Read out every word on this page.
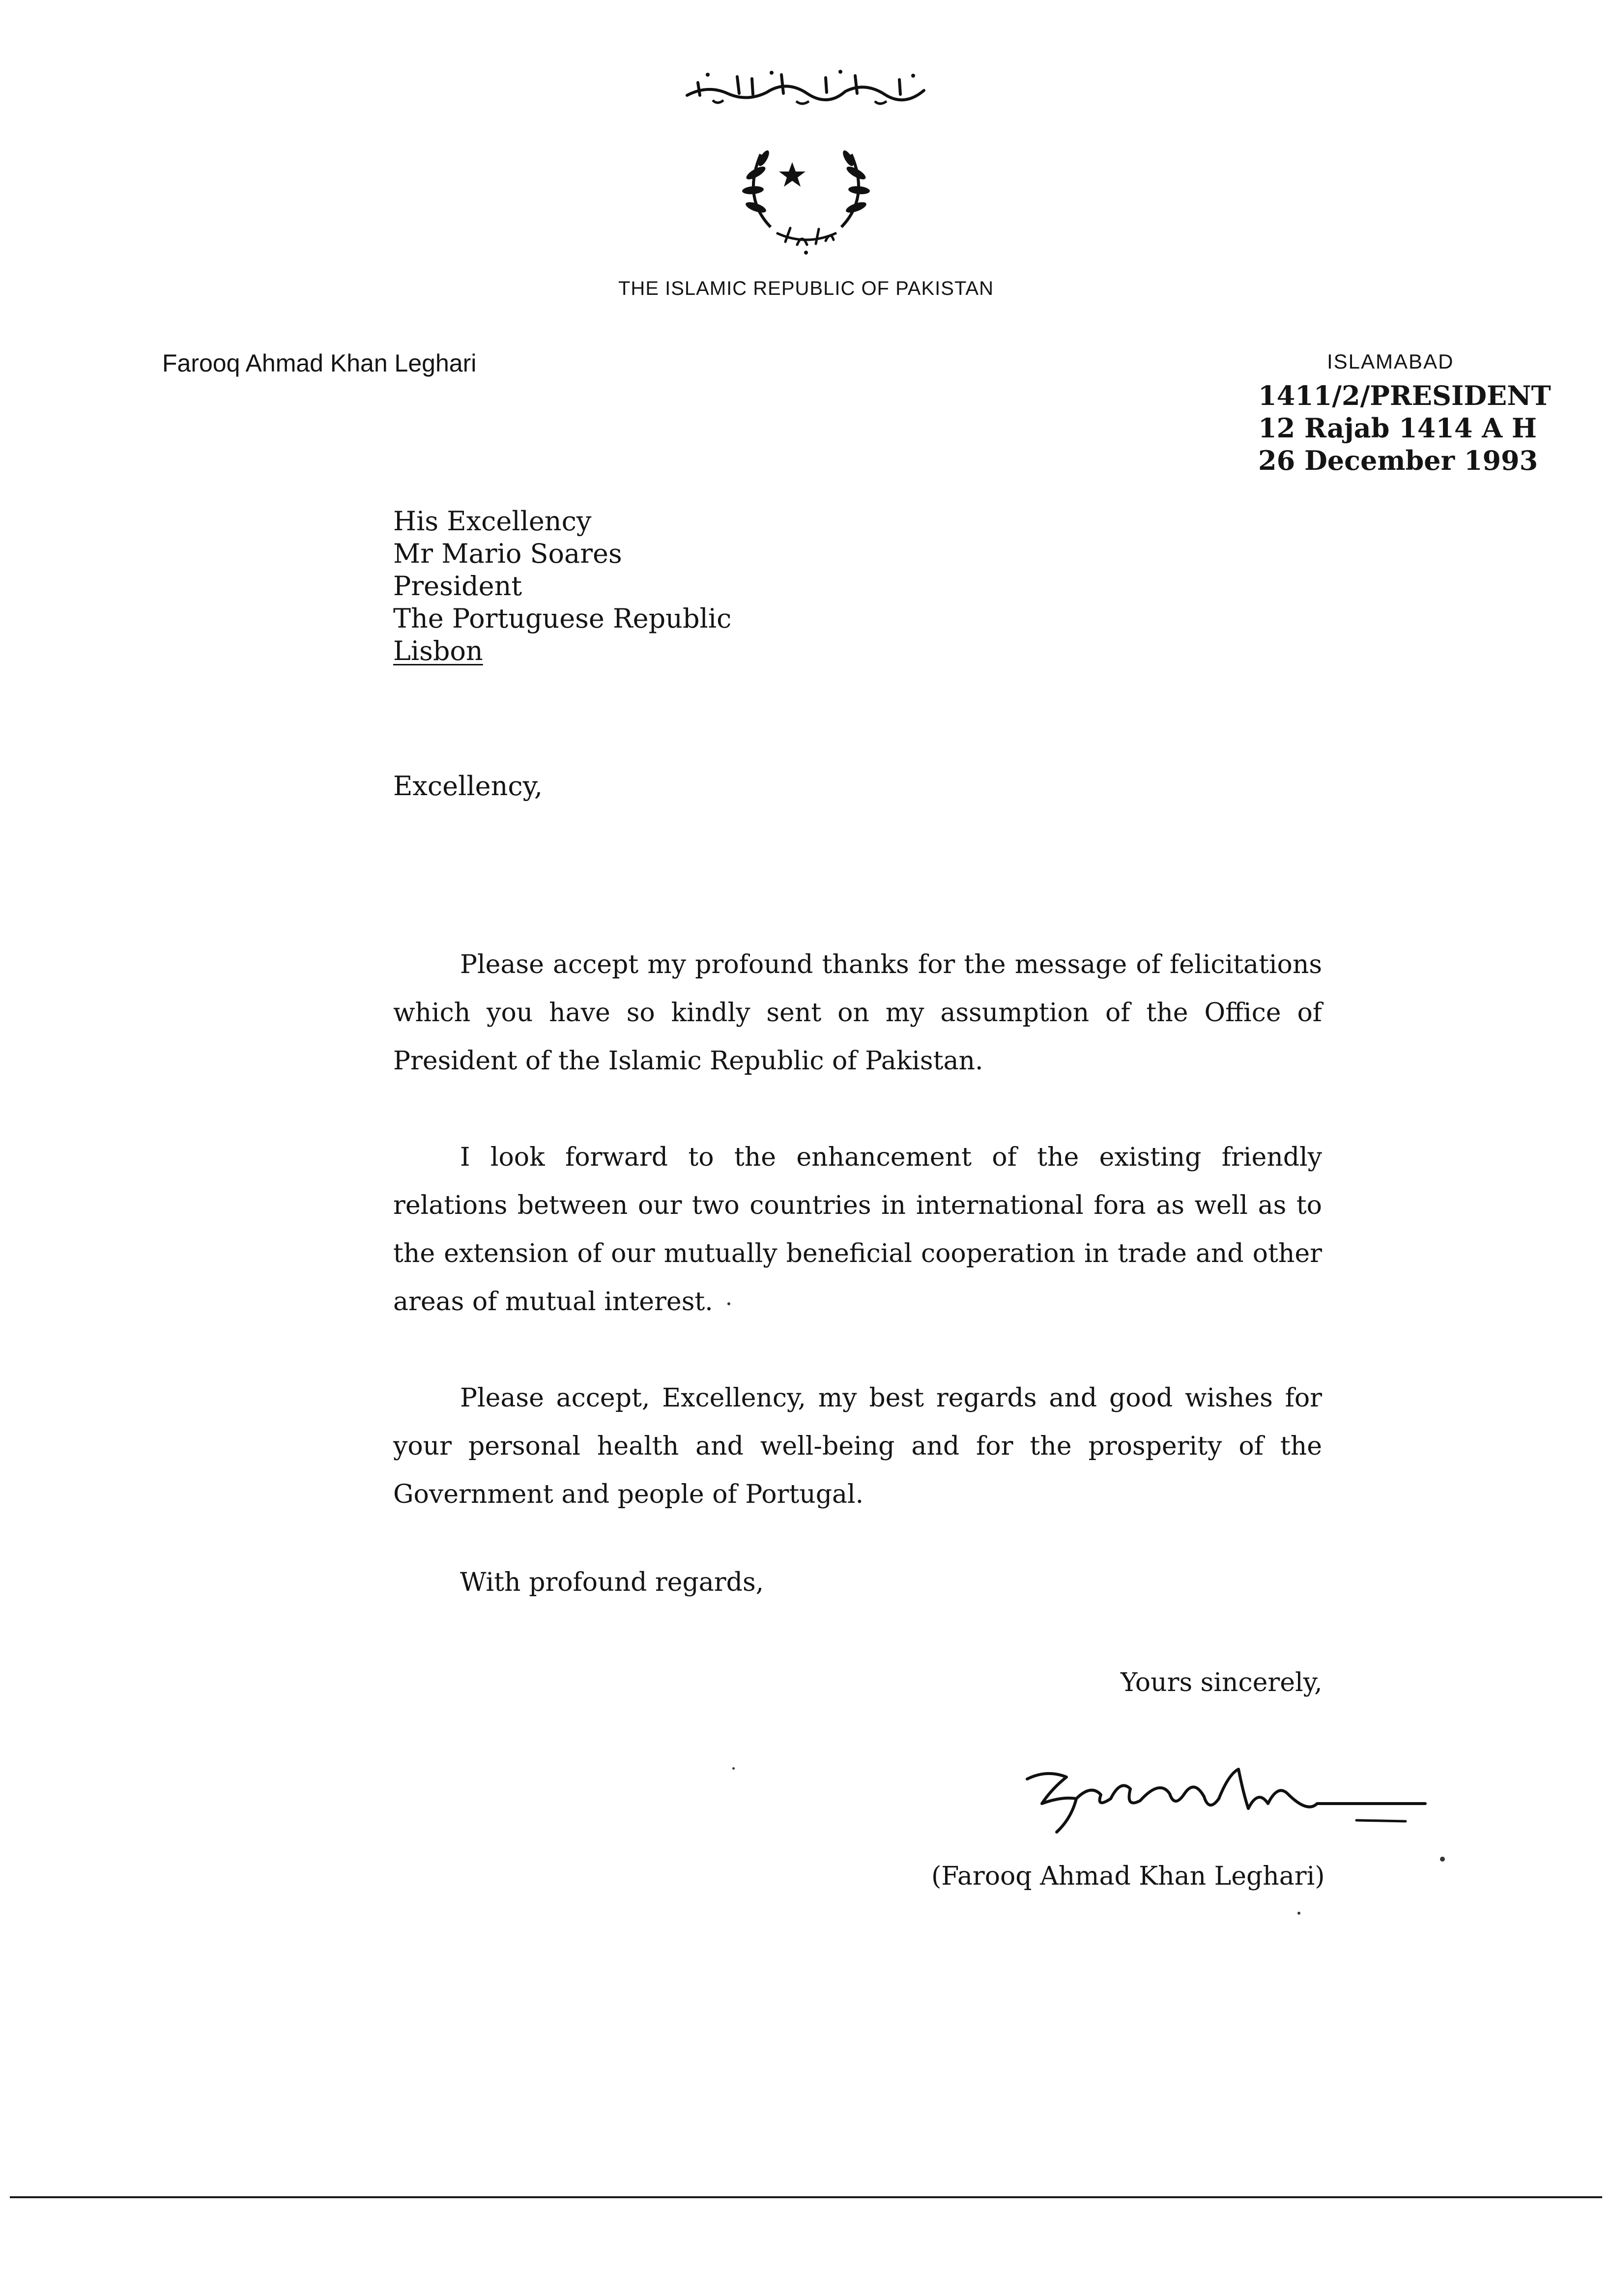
THE ISLAMIC REPUBLIC OF PAKISTAN
Farooq Ahmad Khan Leghari	ISLAMABAD
1411/2/PRESIDENT
12 Rajab 1414 A H
26 December 1993
His Excellency
Mr Mario Soares
President
The Portuguese Republic
Lisbon
Excellency,

Please accept my profound thanks for the message of felicitations which you have so kindly sent on my assumption of the Office of President of the Islamic Republic of Pakistan.

I look forward to the enhancement of the existing friendly relations between our two countries in international fora as well as to the extension of our mutually beneficial cooperation in trade and other areas of mutual interest.

Please accept, Excellency, my best regards and good wishes for your personal health and well-being and for the prosperity of the Government and people of Portugal.

With profound regards,
Yours sincerely,
(Farooq Ahmad Khan Leghari)
